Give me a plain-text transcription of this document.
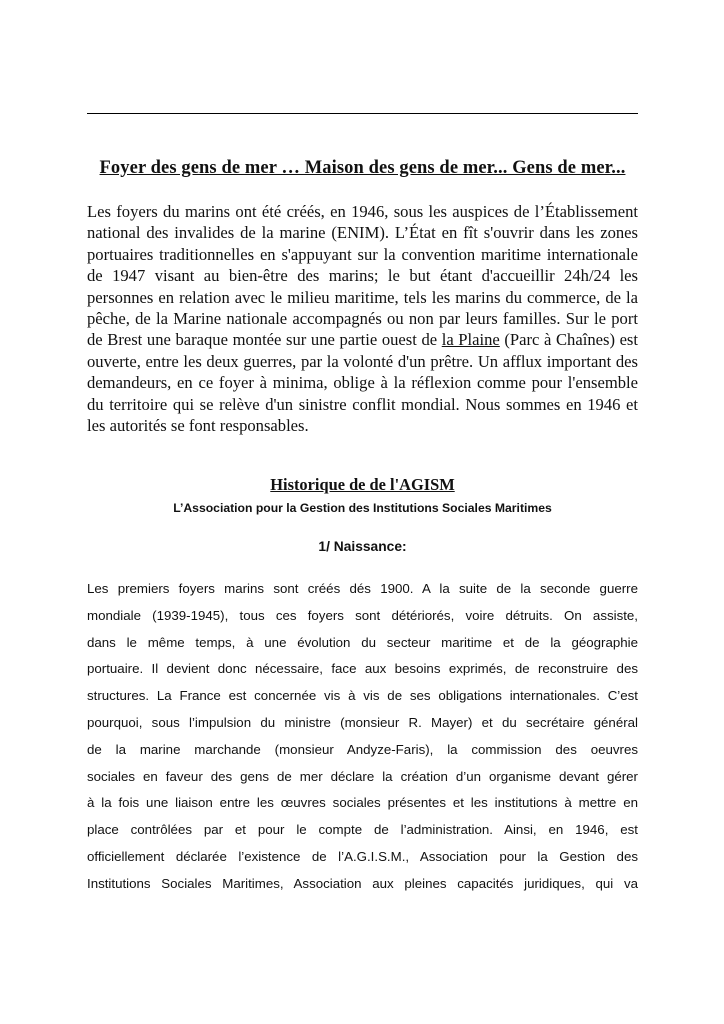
Foyer des gens de mer … Maison des gens de mer... Gens de mer...
Les foyers du marins ont été créés, en 1946, sous les auspices de l’Établissement national des invalides de la marine (ENIM). L’État en fît s'ouvrir dans les zones portuaires traditionnelles en s'appuyant sur la convention maritime internationale de 1947 visant au bien-être des marins; le but étant d'accueillir 24h/24 les personnes en relation avec le milieu maritime, tels les marins du commerce, de la pêche, de la Marine nationale accompagnés ou non par leurs familles. Sur le port de Brest une baraque montée sur une partie ouest de la Plaine (Parc à Chaînes) est ouverte, entre les deux guerres, par la volonté d'un prêtre. Un afflux important des demandeurs, en ce foyer à minima, oblige à la réflexion comme pour l'ensemble du territoire qui se relève d'un sinistre conflit mondial. Nous sommes en 1946 et les autorités se font responsables.
Historique de de l'AGISM
L’Association pour la Gestion des Institutions Sociales Maritimes
1/ Naissance:
Les premiers foyers marins sont créés dés 1900. A la suite de la seconde guerre
mondiale (1939-1945), tous ces foyers sont détériorés, voire détruits. On assiste,
dans le même temps, à une évolution du secteur maritime et de la géographie
portuaire. Il devient donc nécessaire, face aux besoins exprimés, de reconstruire des
structures. La France est concernée vis à vis de ses obligations internationales. C’est
pourquoi, sous l’impulsion du ministre (monsieur R. Mayer) et du secrétaire général
de la marine marchande (monsieur Andyze-Faris), la commission des oeuvres
sociales en faveur des gens de mer déclare la création d’un organisme devant gérer
à la fois une liaison entre les œuvres sociales présentes et les institutions à mettre en
place contrôlées par et pour le compte de l’administration. Ainsi, en 1946, est
officiellement déclarée l’existence de l’A.G.I.S.M., Association pour la Gestion des
Institutions Sociales Maritimes, Association aux pleines capacités juridiques, qui va
